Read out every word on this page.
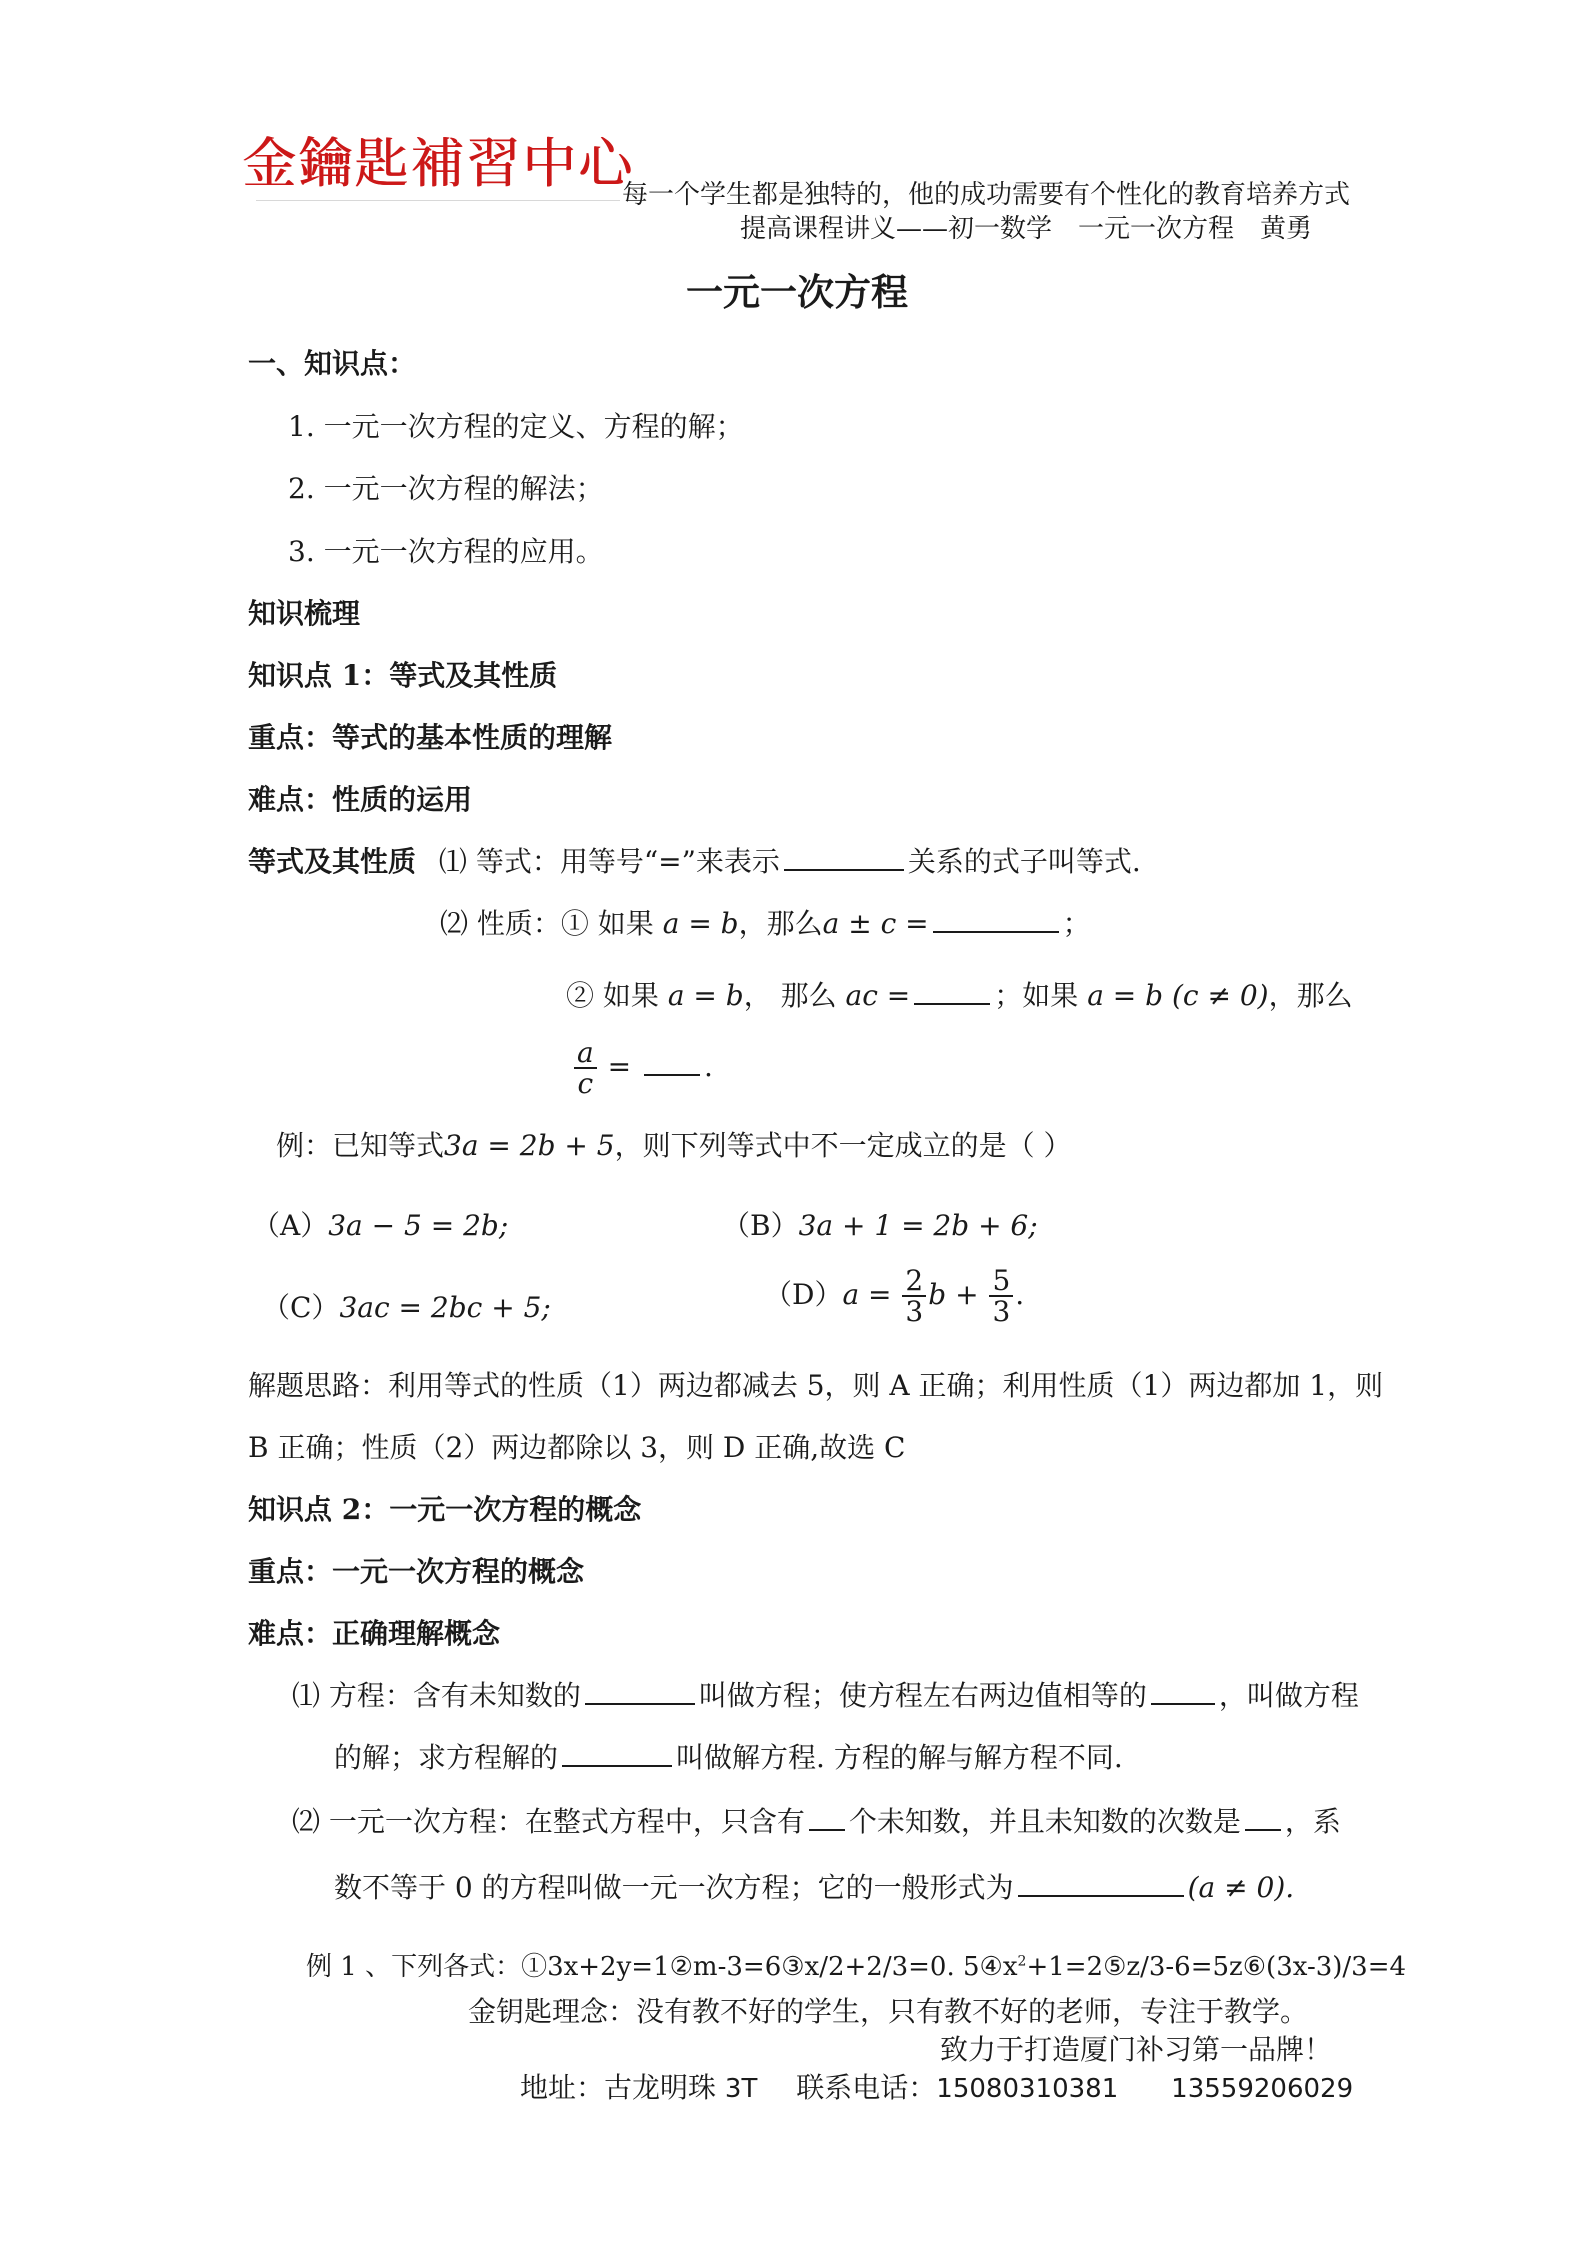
金鑰匙補習中心
每一个学生都是独特的，他的成功需要有个性化的教育培养方式
提高课程讲义——初一数学　一元一次方程　黄勇
一元一次方程
一、知识点：
1. 一元一次方程的定义、方程的解；
2. 一元一次方程的解法；
3. 一元一次方程的应用。
知识梳理
知识点 1：等式及其性质
重点：等式的基本性质的理解
难点：性质的运用
等式及其性质 ⑴ 等式：用等号“=”来表示	关系的式子叫等式.
⑵ 性质：① 如果 a = b，那么a ± c =	；
② 如果 a = b， 那么 ac =	；如果 a = b (c ≠ 0)，那么
$\frac{a}{c}$ = .
例：已知等式3a = 2b + 5，则下列等式中不一定成立的是（ ）
（A）3a − 5 = 2b;	（B）3a + 1 = 2b + 6;
（C）3ac = 2bc + 5;	$(D)a = \frac{2}{3}$ $b + \frac{5}{3}$ .
解题思路：利用等式的性质（1）两边都减去 5，则 A 正确；利用性质（1）两边都加 1，则
B 正确；性质（2）两边都除以 3，则 D 正确,故选 C
知识点 2：一元一次方程的概念
重点：一元一次方程的概念
难点：正确理解概念
⑴ 方程：含有未知数的	叫做方程；使方程左右两边值相等的	，叫做方程
的解；求方程解的	叫做解方程. 方程的解与解方程不同.
⑵ 一元一次方程：在整式方程中，只含有 个未知数，并且未知数的次数是 ，系
数不等于 0 的方程叫做一元一次方程；它的一般形式为	(a ≠ 0).
例 1 、下列各式：①3x+2y=1②m-3=6③x/2+2/3=0. $5④x^2+1=2⑤z/3-6=5z⑥(3x-3)/3=4$
金钥匙理念：没有教不好的学生，只有教不好的老师，专注于教学。
致力于打造厦门补习第一品牌！
地址：古龙明珠 3T 联系电话：15080310381 13559206029
